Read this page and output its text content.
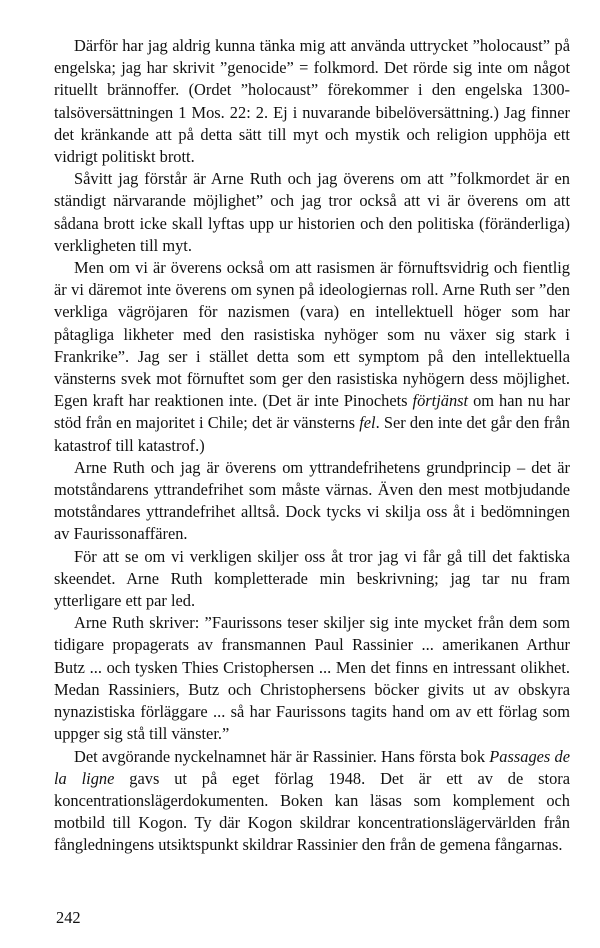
Därför har jag aldrig kunna tänka mig att använda uttrycket ”holocaust” på engelska; jag har skrivit ”genocide” = folkmord. Det rörde sig inte om något rituellt brännoffer. (Ordet ”holocaust” förekommer i den engelska 1300-talsöversättningen 1 Mos. 22: 2. Ej i nuvarande bibelöversättning.) Jag finner det kränkande att på detta sätt till myt och mystik och religion upphöja ett vidrigt politiskt brott.

Såvitt jag förstår är Arne Ruth och jag överens om att ”folkmordet är en ständigt närvarande möjlighet” och jag tror också att vi är överens om att sådana brott icke skall lyftas upp ur historien och den politiska (föränderliga) verkligheten till myt.

Men om vi är överens också om att rasismen är förnuftsvidrig och fientlig är vi däremot inte överens om synen på ideologiernas roll. Arne Ruth ser ”den verkliga vägröjaren för nazismen (vara) en intellektuell höger som har påtagliga likheter med den rasistiska nyhöger som nu växer sig stark i Frankrike”. Jag ser i stället detta som ett symptom på den intellektuella vänsterns svek mot förnuftet som ger den rasistiska nyhögern dess möjlighet. Egen kraft har reaktionen inte. (Det är inte Pinochets förtjänst om han nu har stöd från en majoritet i Chile; det är vänsterns fel. Ser den inte det går den från katastrof till katastrof.)

Arne Ruth och jag är överens om yttrandefrihetens grundprincip – det är motståndarens yttrandefrihet som måste värnas. Även den mest motbjudande motståndares yttrandefrihet alltså. Dock tycks vi skilja oss åt i bedömningen av Faurissonaffären.

För att se om vi verkligen skiljer oss åt tror jag vi får gå till det faktiska skeendet. Arne Ruth kompletterade min beskrivning; jag tar nu fram ytterligare ett par led.

Arne Ruth skriver: ”Faurissons teser skiljer sig inte mycket från dem som tidigare propagerats av fransmannen Paul Rassinier ... amerikanen Arthur Butz ... och tysken Thies Cristophersen ... Men det finns en intressant olikhet. Medan Rassiniers, Butz och Christophersens böcker givits ut av obskyra nynazistiska förläggare ... så har Faurissons tagits hand om av ett förlag som uppger sig stå till vänster.”

Det avgörande nyckelnamnet här är Rassinier. Hans första bok Passages de la ligne gavs ut på eget förlag 1948. Det är ett av de stora koncentrationslägerdokumenten. Boken kan läsas som komplement och motbild till Kogon. Ty där Kogon skildrar koncentrationslägervärlden från fångledningens utsiktspunkt skildrar Rassinier den från de gemena fångarnas.

242
